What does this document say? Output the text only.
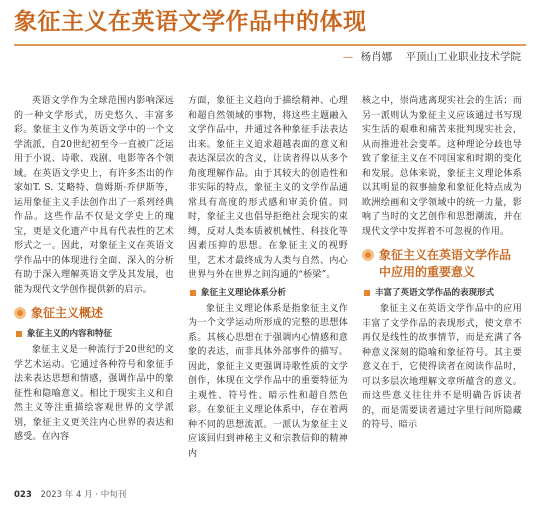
象征主义在英语文学作品中的体现
— 杨肖娜 平顶山工业职业技术学院

英语文学作为全球范围内影响深远的一种文学形式，历史悠久、丰富多彩。象征主义作为英语文学中的一个文学流派，自20世纪初至今一直被广泛运用于小说、诗歌、戏剧、电影等各个领域。在英语文学史上，有许多杰出的作家如T. S. 艾略特、詹姆斯·乔伊斯等，运用象征主义手法创作出了一系列经典作品。这些作品不仅是文学史上的瑰宝，更是文化遗产中具有代表性的艺术形式之一。因此，对象征主义在英语文学作品中的体现进行全面、深入的分析有助于深入理解英语文学及其发展，也能为现代文学创作提供新的启示。

象征主义概述
象征主义的内容和特征

象征主义是一种流行于20世纪的文学艺术运动。它通过各种符号和象征手法来表达思想和情感，强调作品中的象征性和隐喻意义。相比于现实主义和自然主义等注重描绘客观世界的文学派别，象征主义更关注内心世界的表达和感受。在內容

方面，象征主义趋向于描绘精神、心理和超自然领域的事物，将这些主题融入文学作品中，并通过各种象征手法表达出来。象征主义追求超越表面的意义和表达深层次的含义，让读者得以从多个角度理解作品。由于其较大的创造性和非实际的特点，象征主义的文学作品通常具有高度的形式感和审美价值。同时，象征主义也倡导拒绝社会现实的束缚，反对人类本质被机械性、科技化等因素压抑的思想。在象征主义的视野里，艺术才最终成为人类与自然、内心世界与外在世界之间沟通的“桥梁”。

象征主义理论体系分析

象征主义理论体系是指象征主义作为一个文学运动所形成的完整的思想体系。其核心思想在于强调内心情感和意象的表达，而非具体外部事件的描写。因此，象征主义更强调诗歌性质的文学创作，体现在文学作品中的重要特征为主观性、符号性、暗示性和超自然色彩。在象征主义理论体系中，存在着两种不同的思想流派。一派认为象征主义应该回归到神秘主义和宗教信仰的精神内

核之中，崇尚逃离现实社会的生活；而另一派则认为象征主义应该通过书写现实生活的艰难和痛苦来批判现实社会，从而推进社会变革。这种理论分歧也导致了象征主义在不同国家和时期的变化和发展。总体来说，象征主义理论体系以其明显的叙事抽象和象征化特点成为欧洲绘画和文学领域中的统一力量，影响了当时的文艺创作和思想潮流，并在现代文学中发挥着不可忽视的作用。

象征主义在英语文学作品中应用的重要意义
丰富了英语文学作品的表现形式

象征主义在英语文学作品中的应用丰富了文学作品的表现形式，使文章不再仅是线性的故事情节，而是充满了各种意义深刻的隐喻和象征符号。其主要意义在于，它使得读者在阅读作品时，可以多层次地理解文章所蕴含的意义。而这些意义往往并不是明确告诉读者的，而是需要读者通过字里行间所隐藏的符号、暗示

023 2023 年 4 月 · 中旬刊
